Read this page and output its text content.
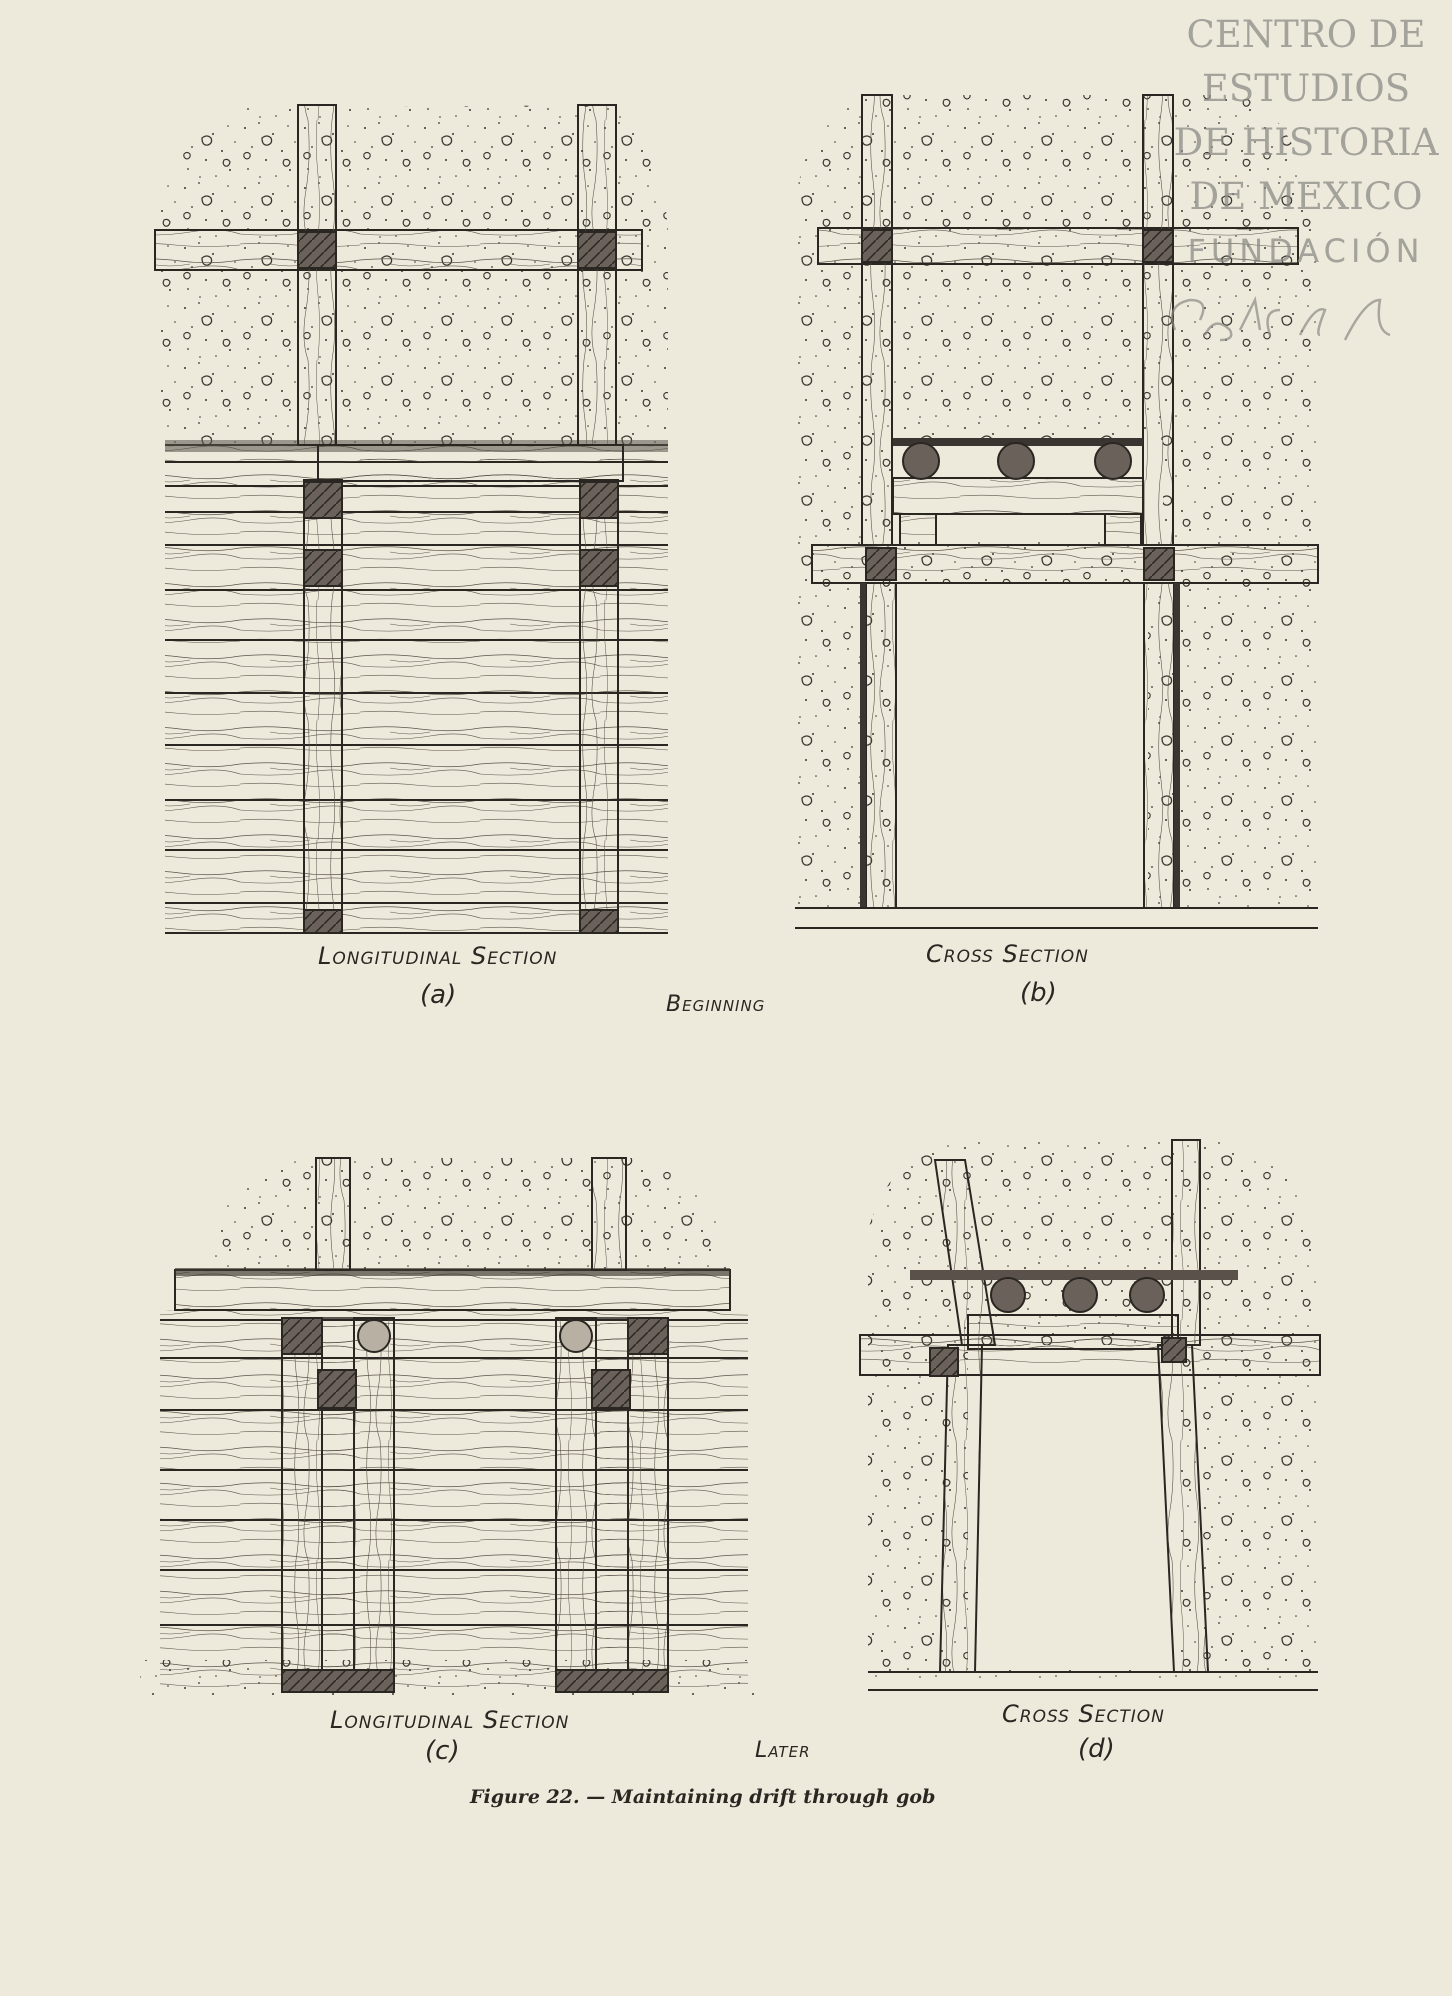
Longitudinal Section
(a)
Cross Section
(b)
Beginning
Longitudinal Section
(c)	Later
Cross Section
(d)
Figure 22. — Maintaining drift through gob
CENTRO DE
ESTUDIOS
DE HISTORIA
DE MEXICO
FUNDACIÓN
